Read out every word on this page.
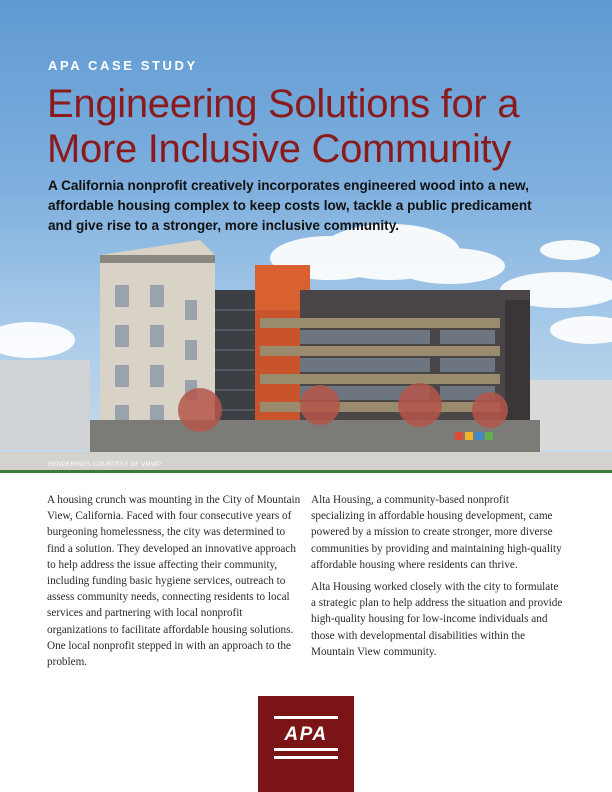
APA CASE STUDY
Engineering Solutions for a More Inclusive Community

A California nonprofit creatively incorporates engineered wood into a new, affordable housing complex to keep costs low, tackle a public predicament and give rise to a stronger, more inclusive community.

RENDERINGS COURTESY OF VMWP

A housing crunch was mounting in the City of Mountain View, California. Faced with four consecutive years of burgeoning homelessness, the city was determined to find a solution. They developed an innovative approach to help address the issue affecting their community, including funding basic hygiene services, outreach to assess community needs, connecting residents to local services and partnering with local nonprofit organizations to facilitate affordable housing solutions. One local nonprofit stepped in with an approach to the problem.

Alta Housing, a community-based nonprofit specializing in affordable housing development, came powered by a mission to create stronger, more diverse communities by providing and maintaining high-quality affordable housing where residents can thrive.

Alta Housing worked closely with the city to formulate a strategic plan to help address the situation and provide high-quality housing for low-income individuals and those with developmental disabilities within the Mountain View community.

APA
